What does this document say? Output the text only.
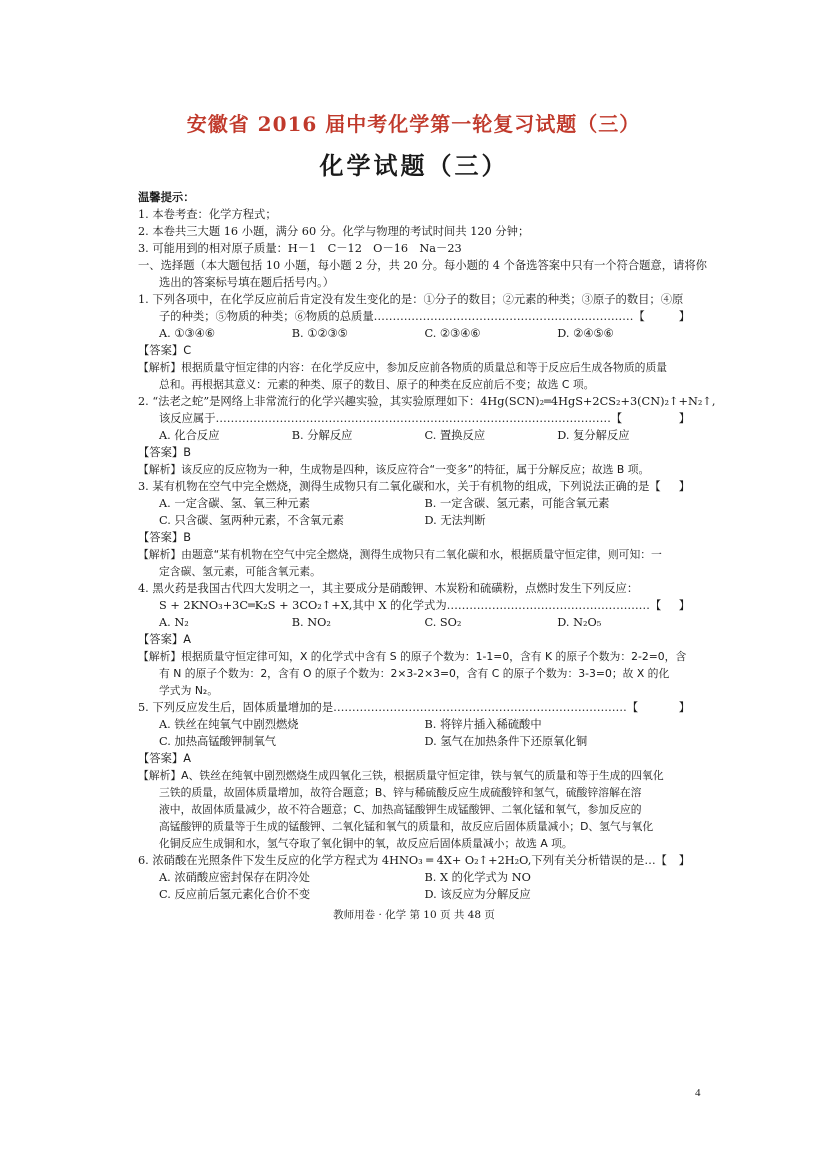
安徽省 2016 届中考化学第一轮复习试题（三）
化学试题（三）
温馨提示：
1. 本卷考查：化学方程式；
2. 本卷共三大题 16 小题，满分 60 分。化学与物理的考试时间共 120 分钟；
3. 可能用到的相对原子质量：H－1　C－12　O－16　Na－23
一、选择题（本大题包括 10 小题，每小题 2 分，共 20 分。每小题的 4 个备选答案中只有一个符合题意，请将你
选出的答案标号填在题后括号内。）
1. 下列各项中，在化学反应前后肯定没有发生变化的是：①分子的数目；②元素的种类；③原子的数目；④原
子的种类；⑤物质的种类；⑥物质的总质量……………………………………………………………【	】
A. ①③④⑥	B. ①②③⑤	C. ②③④⑥	D. ②④⑤⑥
【答案】C
【解析】根据质量守恒定律的内容：在化学反应中，参加反应前各物质的质量总和等于反应后生成各物质的质量
总和。再根据其意义：元素的种类、原子的数目、原子的种类在反应前后不变；故选 C 项。
2. “法老之蛇”是网络上非常流行的化学兴趣实验，其实验原理如下：4Hg(SCN)₂═4HgS+2CS₂+3(CN)₂↑+N₂↑,
该反应属于……………………………………………………………………………………………【	】
A. 化合反应	B. 分解反应	C. 置换反应	D. 复分解反应
【答案】B
【解析】该反应的反应物为一种，生成物是四种，该反应符合“一变多”的特征，属于分解反应；故选 B 项。
3. 某有机物在空气中完全燃烧，测得生成物只有二氧化碳和水，关于有机物的组成，下列说法正确的是【 】
A. 一定含碳、氢、氧三种元素	B. 一定含碳、氢元素，可能含氧元素
C. 只含碳、氢两种元素，不含氧元素	D. 无法判断
【答案】B
【解析】由题意“某有机物在空气中完全燃烧，测得生成物只有二氧化碳和水，根据质量守恒定律，则可知：一
定含碳、氢元素，可能含氧元素。
4. 黑火药是我国古代四大发明之一，其主要成分是硝酸钾、木炭粉和硫磺粉，点燃时发生下列反应：
S + 2KNO₃+3C═K₂S + 3CO₂↑+X,其中 X 的化学式为………………………………………………【 】
A. N₂	B. NO₂	C. SO₂	D. N₂O₅
【答案】A
【解析】根据质量守恒定律可知，X 的化学式中含有 S 的原子个数为：1-1=0，含有 K 的原子个数为：2-2=0，含
有 N 的原子个数为：2，含有 O 的原子个数为：2×3-2×3=0，含有 C 的原子个数为：3-3=0；故 X 的化
学式为 N₂。
5. 下列反应发生后，固体质量增加的是……………………………………………………………………【	】
A. 铁丝在纯氧气中剧烈燃烧	B. 将锌片插入稀硫酸中
C. 加热高锰酸钾制氧气	D. 氢气在加热条件下还原氧化铜
【答案】A
【解析】A、铁丝在纯氧中剧烈燃烧生成四氧化三铁，根据质量守恒定律，铁与氧气的质量和等于生成的四氧化
三铁的质量，故固体质量增加，故符合题意；B、锌与稀硫酸反应生成硫酸锌和氢气，硫酸锌溶解在溶
液中，故固体质量减少，故不符合题意；C、加热高锰酸钾生成锰酸钾、二氧化锰和氧气，参加反应的
高锰酸钾的质量等于生成的锰酸钾、二氧化锰和氧气的质量和，故反应后固体质量减小；D、氢气与氧化
化铜反应生成铜和水，氢气夺取了氧化铜中的氧，故反应后固体质量减小；故选 A 项。
6. 浓硝酸在光照条件下发生反应的化学方程式为 4HNO₃ ═ 4X+ O₂↑+2H₂O,下列有关分析错误的是…【 】
A. 浓硝酸应密封保存在阴冷处	B. X 的化学式为 NO
C. 反应前后氢元素化合价不变	D. 该反应为分解反应
教师用卷 · 化学 第 10 页 共 48 页
4
